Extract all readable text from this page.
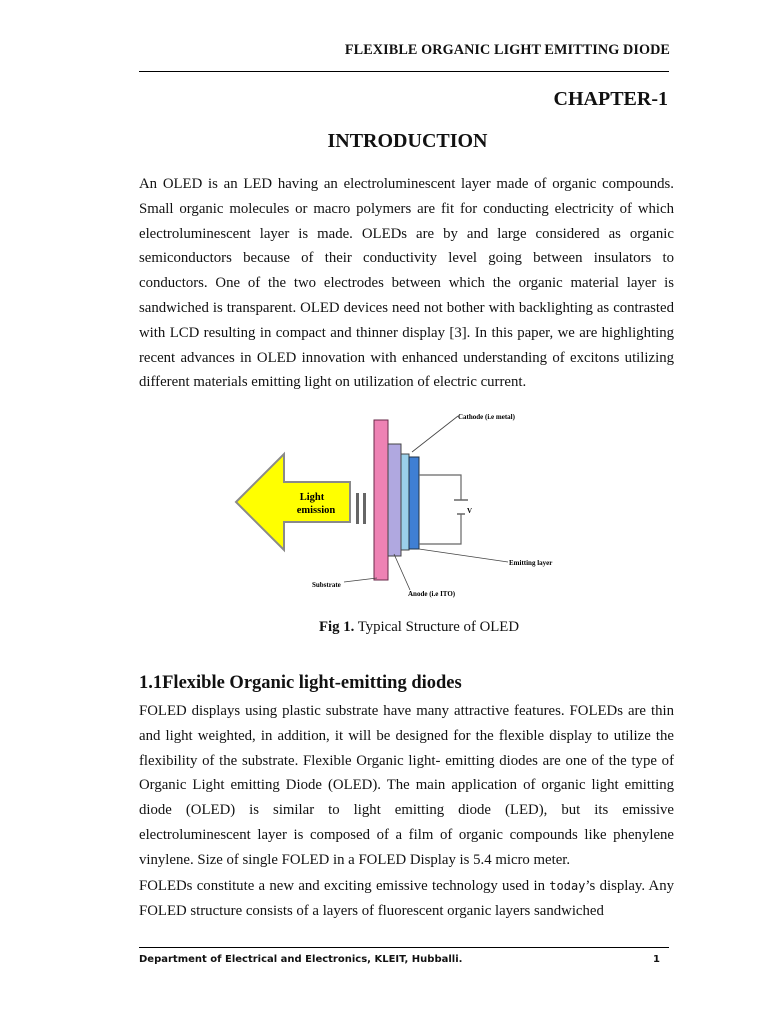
FLEXIBLE ORGANIC LIGHT EMITTING DIODE
CHAPTER-1
INTRODUCTION

An OLED is an LED having an electroluminescent layer made of organic compounds. Small organic molecules or macro polymers are fit for conducting electricity of which electroluminescent layer is made. OLEDs are by and large considered as organic semiconductors because of their conductivity level going between insulators to conductors. One of the two electrodes between which the organic material layer is sandwiched is transparent. OLED devices need not bother with backlighting as contrasted with LCD resulting in compact and thinner display [3]. In this paper, we are highlighting recent advances in OLED innovation with enhanced understanding of excitons utilizing different materials emitting light on utilization of electric current.

Light
emission	V
Cathode (i.e metal)
Emitting layer
Substrate
Anode (i.e ITO)
Fig 1. Typical Structure of OLED
1.1Flexible Organic light-emitting diodes

FOLED displays using plastic substrate have many attractive features. FOLEDs are thin and light weighted, in addition, it will be designed for the flexible display to utilize the flexibility of the substrate. Flexible Organic light- emitting diodes are one of the type of Organic Light emitting Diode (OLED). The main application of organic light emitting diode (OLED) is similar to light emitting diode (LED), but its emissive electroluminescent layer is composed of a film of organic compounds like phenylene vinylene. Size of single FOLED in a FOLED Display is 5.4 micro meter.

FOLEDs constitute a new and exciting emissive technology used in today’s display. Any FOLED structure consists of a layers of fluorescent organic layers sandwiched

Department of Electrical and Electronics, KLEIT, Hubballi.	1
